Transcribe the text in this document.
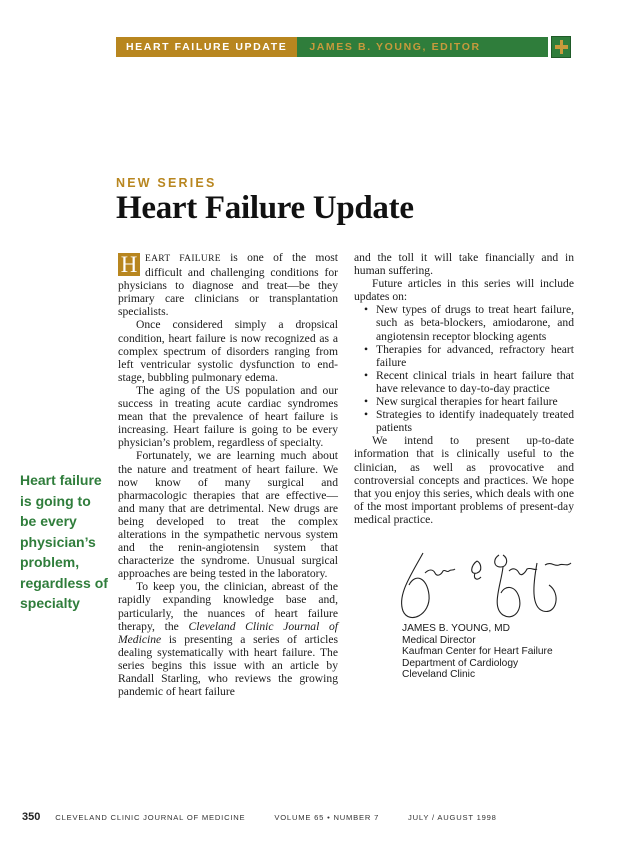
HEART FAILURE UPDATE	JAMES B. YOUNG, EDITOR
NEW SERIES
Heart Failure Update

H EART FAILURE is one of the most difficult and challenging conditions for physicians to diagnose and treat—be they primary care clinicians or transplantation specialists.

Once considered simply a dropsical condition, heart failure is now recognized as a complex spectrum of disorders ranging from left ventricular systolic dysfunction to end-stage, bubbling pulmonary edema.

The aging of the US population and our success in treating acute cardiac syndromes mean that the prevalence of heart failure is increasing. Heart failure is going to be every physician’s problem, regardless of specialty.

Fortunately, we are learning much about the nature and treatment of heart failure. We now know of many surgical and pharmacologic therapies that are effective—and many that are detrimental. New drugs are being developed to treat the complex alterations in the sympathetic nervous system and the renin-angiotensin system that characterize the syndrome. Unusual surgical approaches are being tested in the laboratory.

To keep you, the clinician, abreast of the rapidly expanding knowledge base and, particularly, the nuances of heart failure therapy, the Cleveland Clinic Journal of Medicine is presenting a series of articles dealing systematically with heart failure. The series begins this issue with an article by Randall Starling, who reviews the growing pandemic of heart failure

and the toll it will take financially and in human suffering.

Future articles in this series will include updates on:

• New types of drugs to treat heart failure, such as beta-blockers, amiodarone, and angiotensin receptor blocking agents
• Therapies for advanced, refractory heart failure
• Recent clinical trials in heart failure that have relevance to day-to-day practice
• New surgical therapies for heart failure
• Strategies to identify inadequately treated patients

We intend to present up-to-date information that is clinically useful to the clinician, as well as provocative and controversial concepts and practices. We hope that you enjoy this series, which deals with one of the most important problems of present-day medical practice.

Heart failure is going to be every physician’s problem, regardless of specialty
JAMES B. YOUNG, MD
Medical Director
Kaufman Center for Heart Failure
Department of Cardiology
Cleveland Clinic
350 CLEVELAND CLINIC JOURNAL OF MEDICINE	VOLUME 65 • NUMBER 7	JULY / AUGUST 1998
